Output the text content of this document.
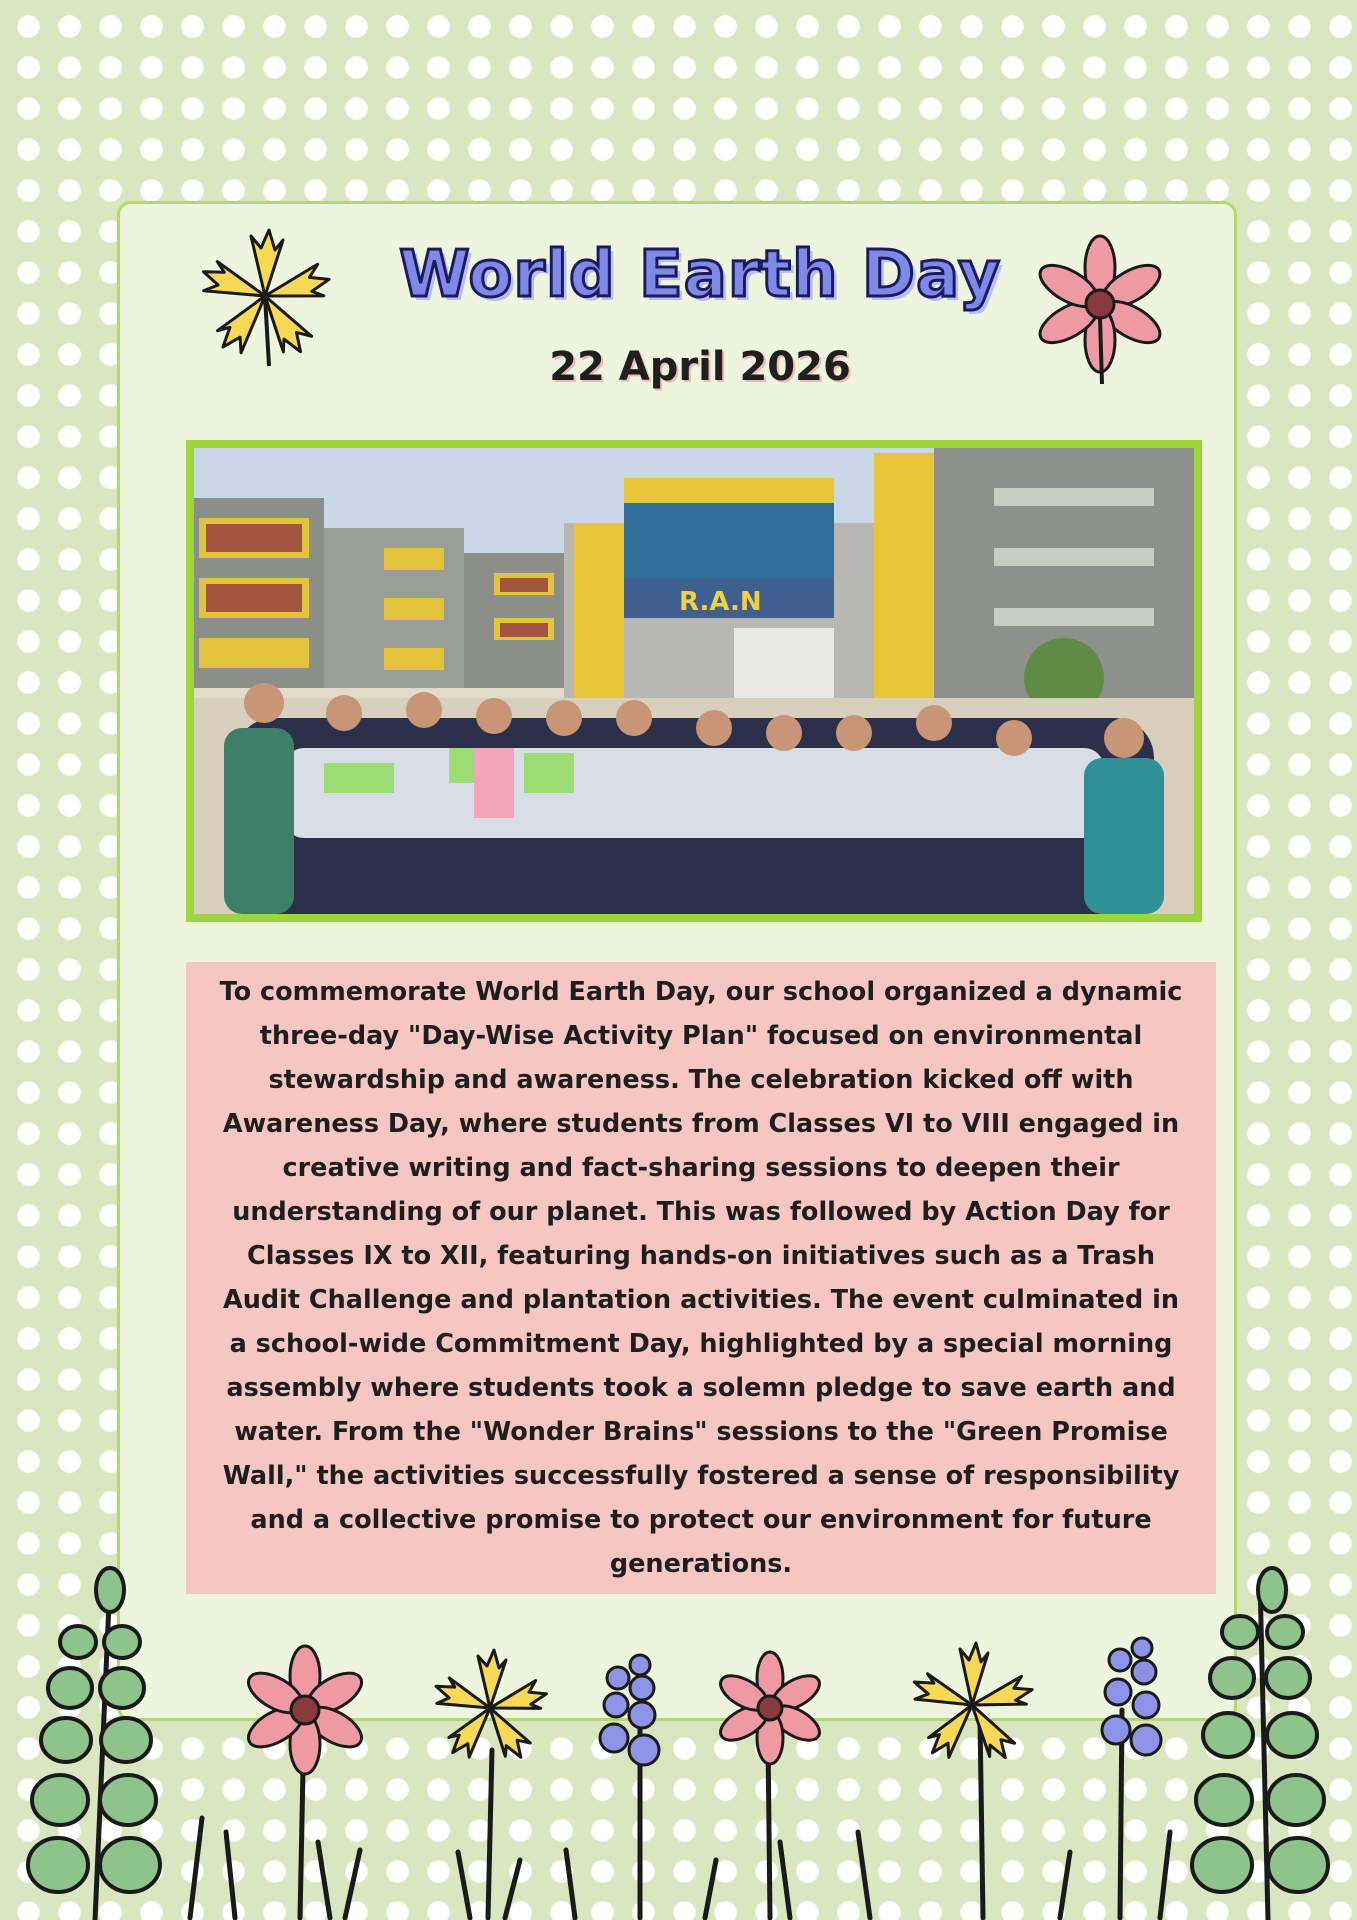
World Earth Day

22 April 2026

R.A.N

To commemorate World Earth Day, our school organized a dynamic three-day "Day-Wise Activity Plan" focused on environmental stewardship and awareness. The celebration kicked off with Awareness Day, where students from Classes VI to VIII engaged in creative writing and fact-sharing sessions to deepen their understanding of our planet. This was followed by Action Day for Classes IX to XII, featuring hands-on initiatives such as a Trash Audit Challenge and plantation activities. The event culminated in a school-wide Commitment Day, highlighted by a special morning assembly where students took a solemn pledge to save earth and water. From the "Wonder Brains" sessions to the "Green Promise Wall," the activities successfully fostered a sense of responsibility and a collective promise to protect our environment for future generations.
